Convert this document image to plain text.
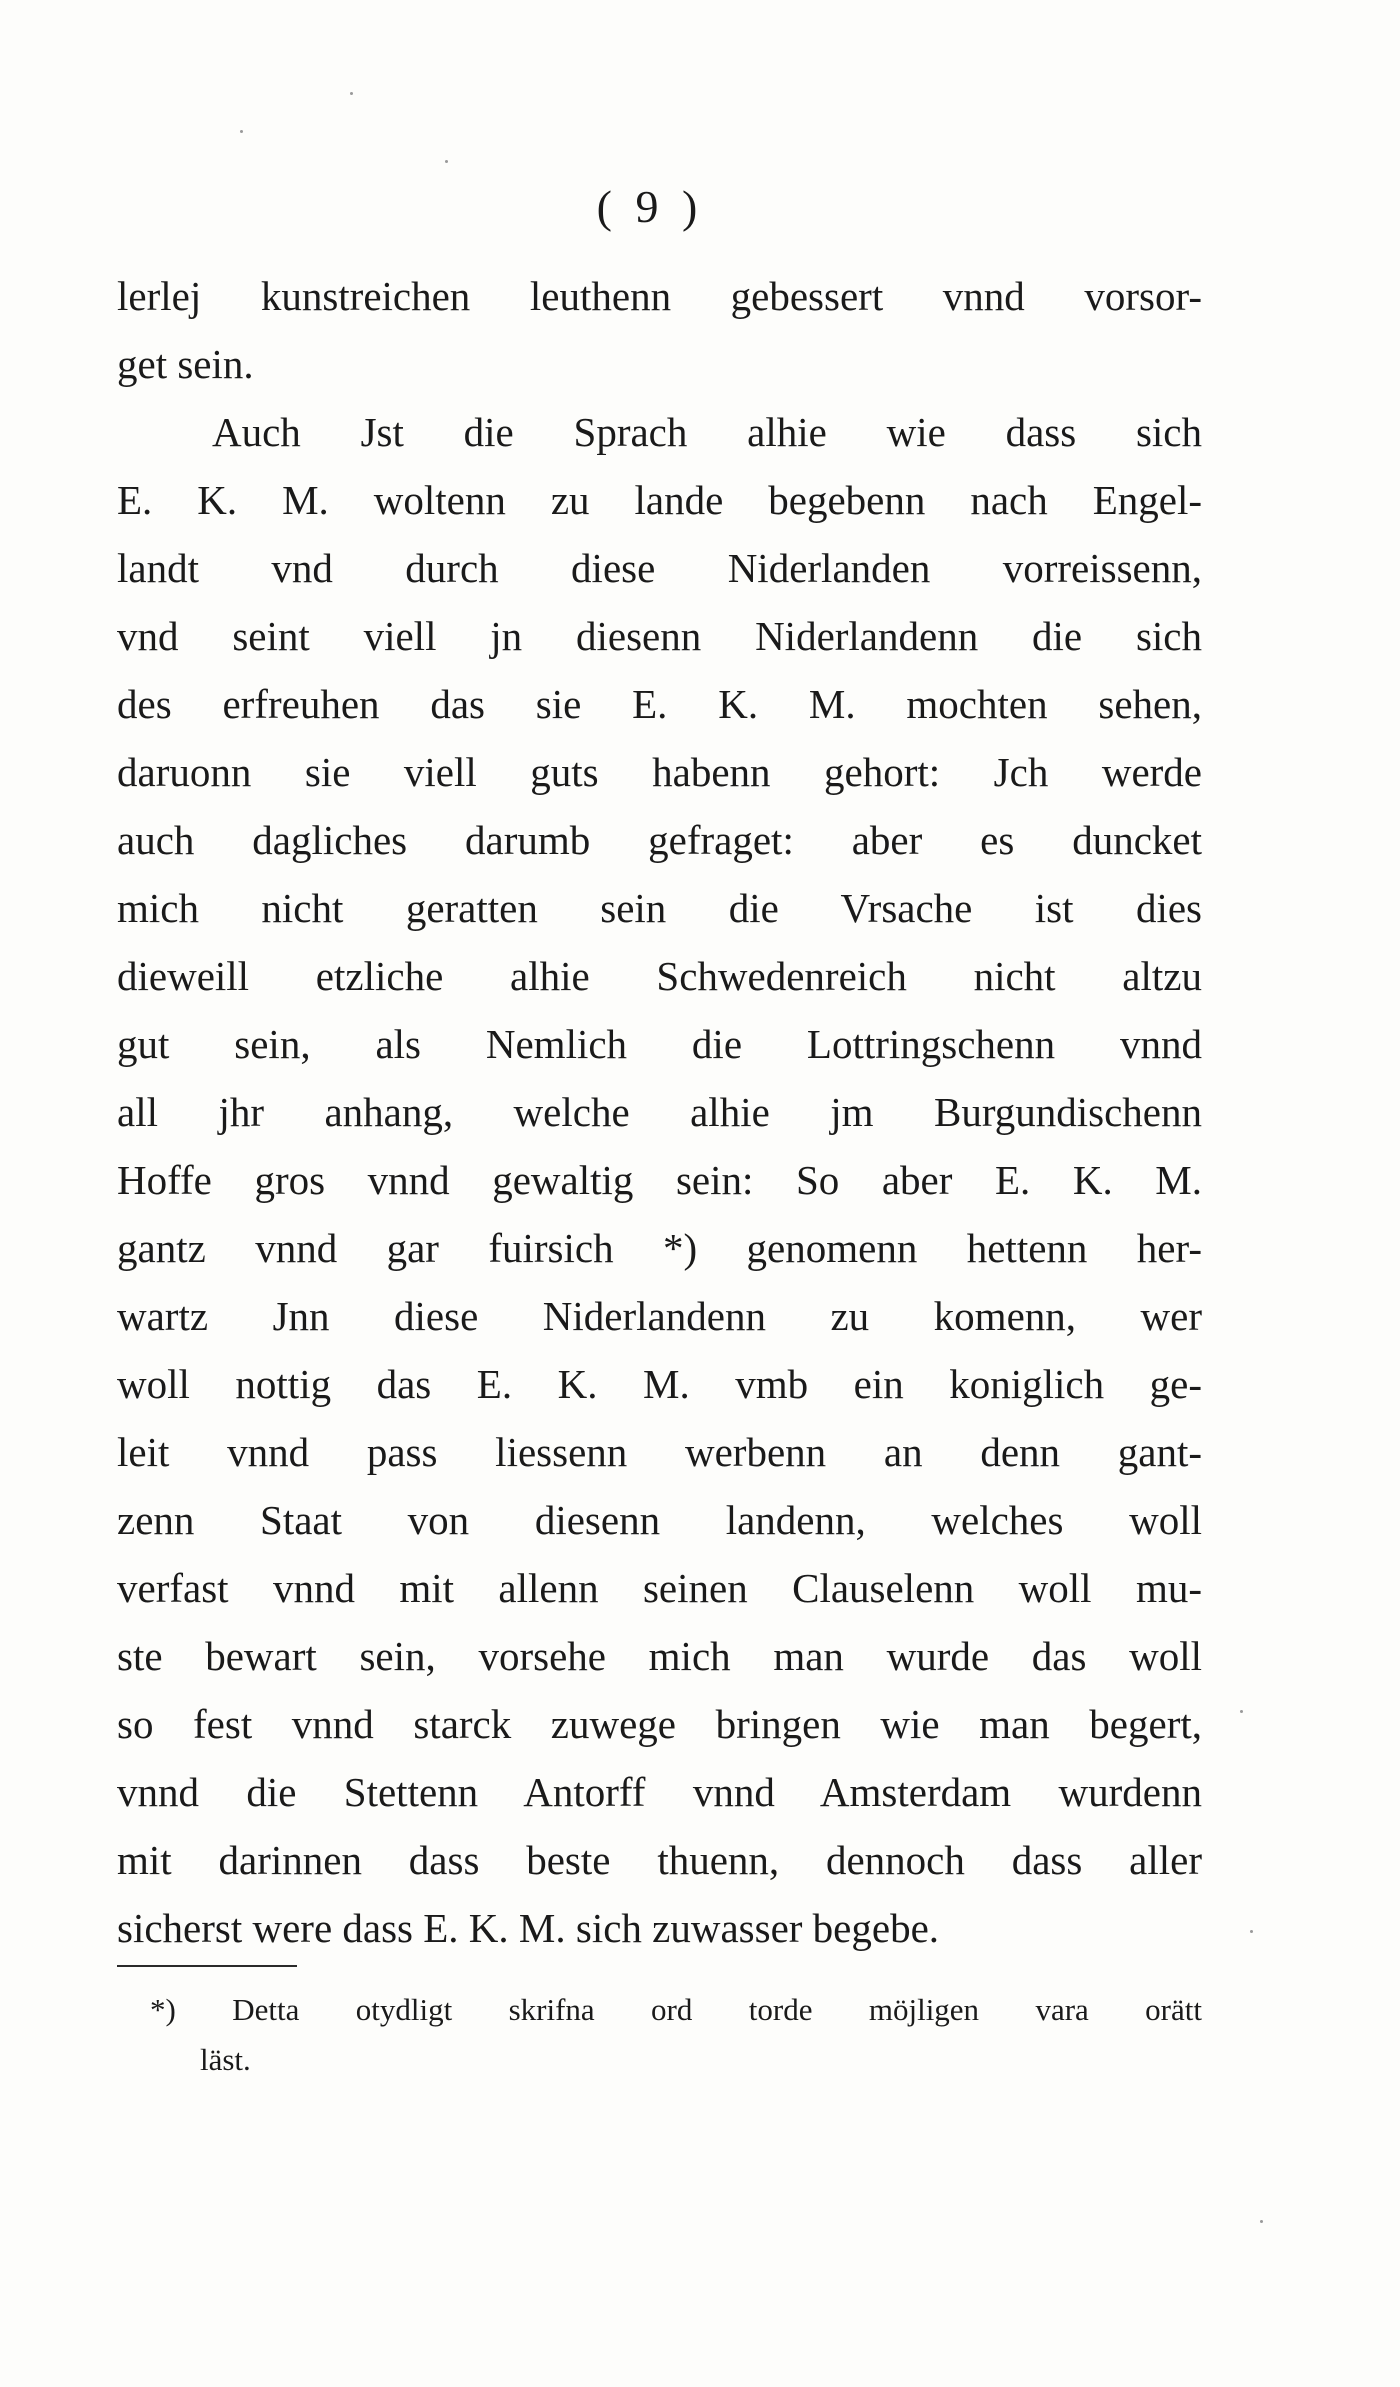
( 9 )
lerlej kunstreichen leuthenn gebessert vnnd vorsor-
get sein.
Auch Jst die Sprach alhie wie dass sich
E. K. M. woltenn zu lande begebenn nach Engel-
landt vnd durch diese Niderlanden vorreissenn,
vnd seint viell jn diesenn Niderlandenn die sich
des erfreuhen das sie E. K. M. mochten sehen,
daruonn sie viell guts habenn gehort: Jch werde
auch dagliches darumb gefraget: aber es duncket
mich nicht geratten sein die Vrsache ist dies
dieweill etzliche alhie Schwedenreich nicht altzu
gut sein, als Nemlich die Lottringschenn vnnd
all jhr anhang, welche alhie jm Burgundischenn
Hoffe gros vnnd gewaltig sein: So aber E. K. M.
gantz vnnd gar fuirsich *) genomenn hettenn her-
wartz Jnn diese Niderlandenn zu komenn, wer
woll nottig das E. K. M. vmb ein koniglich ge-
leit vnnd pass liessenn werbenn an denn gant-
zenn Staat von diesenn landenn, welches woll
verfast vnnd mit allenn seinen Clauselenn woll mu-
ste bewart sein, vorsehe mich man wurde das woll
so fest vnnd starck zuwege bringen wie man begert,
vnnd die Stettenn Antorff vnnd Amsterdam wurdenn
mit darinnen dass beste thuenn, dennoch dass aller
sicherst were dass E. K. M. sich zuwasser begebe.
*) Detta otydligt skrifna ord torde möjligen vara orätt
läst.
